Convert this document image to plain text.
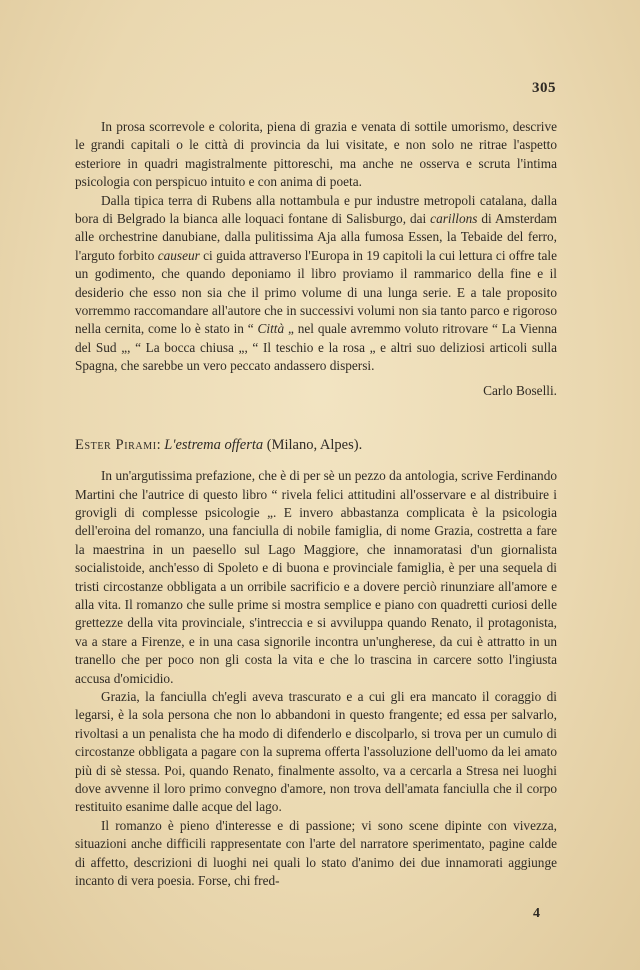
305

In prosa scorrevole e colorita, piena di grazia e venata di sottile umorismo, descrive le grandi capitali o le città di provincia da lui visitate, e non solo ne ritrae l'aspetto esteriore in quadri magistralmente pittoreschi, ma anche ne osserva e scruta l'intima psicologia con perspicuo intuito e con anima di poeta.

Dalla tipica terra di Rubens alla nottambula e pur industre metropoli catalana, dalla bora di Belgrado la bianca alle loquaci fontane di Salisburgo, dai carillons di Amsterdam alle orchestrine danubiane, dalla pulitissima Aja alla fumosa Essen, la Tebaide del ferro, l'arguto forbito causeur ci guida attraverso l'Europa in 19 capitoli la cui lettura ci offre tale un godimento, che quando deponiamo il libro proviamo il rammarico della fine e il desiderio che esso non sia che il primo volume di una lunga serie. E a tale proposito vorremmo raccomandare all'autore che in successivi volumi non sia tanto parco e rigoroso nella cernita, come lo è stato in “ Città „ nel quale avremmo voluto ritrovare “ La Vienna del Sud „, “ La bocca chiusa „, “ Il teschio e la rosa „ e altri suo deliziosi articoli sulla Spagna, che sarebbe un vero peccato andassero dispersi.

Carlo Boselli.

Ester Pirami: L'estrema offerta (Milano, Alpes).

In un'argutissima prefazione, che è di per sè un pezzo da antologia, scrive Ferdinando Martini che l'autrice di questo libro “ rivela felici attitudini all'osservare e al distribuire i grovigli di complesse psicologie „. E invero abbastanza complicata è la psicologia dell'eroina del romanzo, una fanciulla di nobile famiglia, di nome Grazia, costretta a fare la maestrina in un paesello sul Lago Maggiore, che innamoratasi d'un giornalista socialistoide, anch'esso di Spoleto e di buona e provinciale famiglia, è per una sequela di tristi circostanze obbligata a un orribile sacrificio e a dovere perciò rinunziare all'amore e alla vita. Il romanzo che sulle prime si mostra semplice e piano con quadretti curiosi delle grettezze della vita provinciale, s'intreccia e si avviluppa quando Renato, il protagonista, va a stare a Firenze, e in una casa signorile incontra un'ungherese, da cui è attratto in un tranello che per poco non gli costa la vita e che lo trascina in carcere sotto l'ingiusta accusa d'omicidio.

Grazia, la fanciulla ch'egli aveva trascurato e a cui gli era mancato il coraggio di legarsi, è la sola persona che non lo abbandoni in questo frangente; ed essa per salvarlo, rivoltasi a un penalista che ha modo di difenderlo e discolparlo, si trova per un cumulo di circostanze obbligata a pagare con la suprema offerta l'assoluzione dell'uomo da lei amato più di sè stessa. Poi, quando Renato, finalmente assolto, va a cercarla a Stresa nei luoghi dove avvenne il loro primo convegno d'amore, non trova dell'amata fanciulla che il corpo restituito esanime dalle acque del lago.

Il romanzo è pieno d'interesse e di passione; vi sono scene dipinte con vivezza, situazioni anche difficili rappresentate con l'arte del narratore sperimentato, pagine calde di affetto, descrizioni di luoghi nei quali lo stato d'animo dei due innamorati aggiunge incanto di vera poesia. Forse, chi fred-

4
